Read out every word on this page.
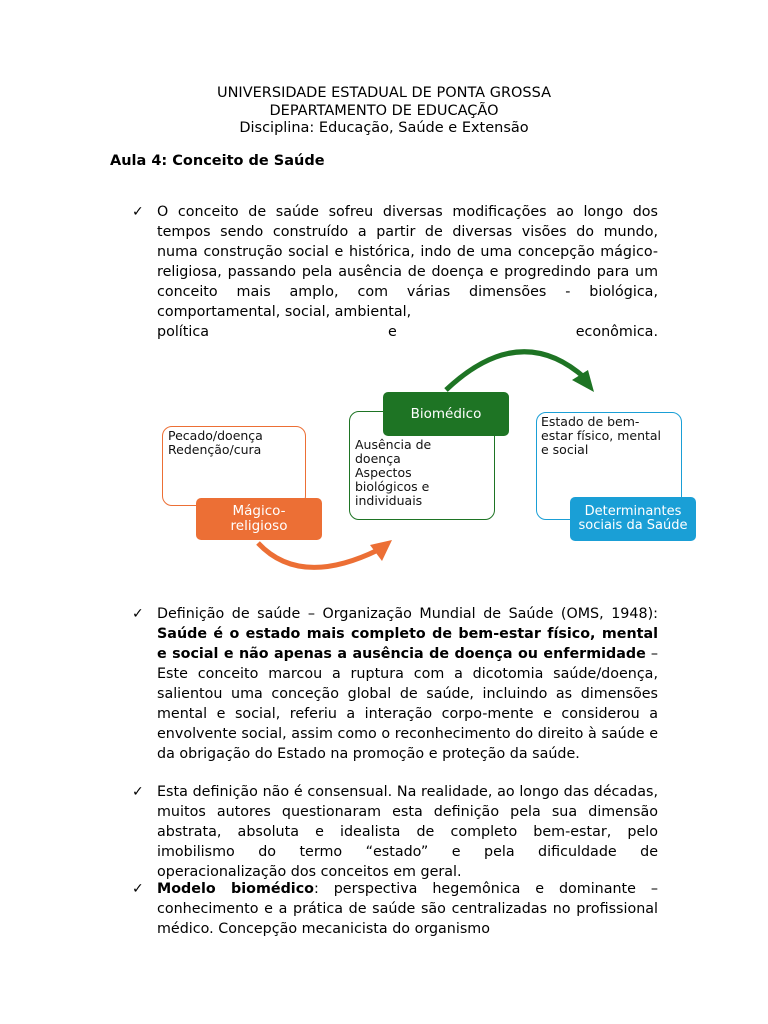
UNIVERSIDADE ESTADUAL DE PONTA GROSSA
DEPARTAMENTO DE EDUCAÇÃO
Disciplina: Educação, Saúde e Extensão
Aula 4: Conceito de Saúde
✓ O conceito de saúde sofreu diversas modificações ao longo dos tempos sendo construído a partir de diversas visões do mundo, numa construção social e histórica, indo de uma concepção mágico-religiosa, passando pela ausência de doença e progredindo para um conceito mais amplo, com várias dimensões - biológica, comportamental, social, ambiental,
política e econômica.
Pecado/doença
Redenção/cura
Mágico-religioso
Ausência de doença
Aspectos biológicos e individuais
Biomédico	Estado de bem-estar físico, mental e social
Determinantes sociais da Saúde
✓ Definição de saúde – Organização Mundial de Saúde (OMS, 1948): Saúde é o estado mais completo de bem-estar físico, mental e social e não apenas a ausência de doença ou enfermidade – Este conceito marcou a ruptura com a dicotomia saúde/doença, salientou uma conceção global de saúde, incluindo as dimensões mental e social, referiu a interação corpo-mente e considerou a envolvente social, assim como o reconhecimento do direito à saúde e da obrigação do Estado na promoção e proteção da saúde.
✓ Esta definição não é consensual. Na realidade, ao longo das décadas, muitos autores questionaram esta definição pela sua dimensão abstrata, absoluta e idealista de completo bem-estar, pelo imobilismo do termo “estado” e pela dificuldade de operacionalização dos conceitos em geral.
✓ Modelo biomédico: perspectiva hegemônica e dominante – conhecimento e a prática de saúde são centralizadas no profissional médico. Concepção mecanicista do organismo
